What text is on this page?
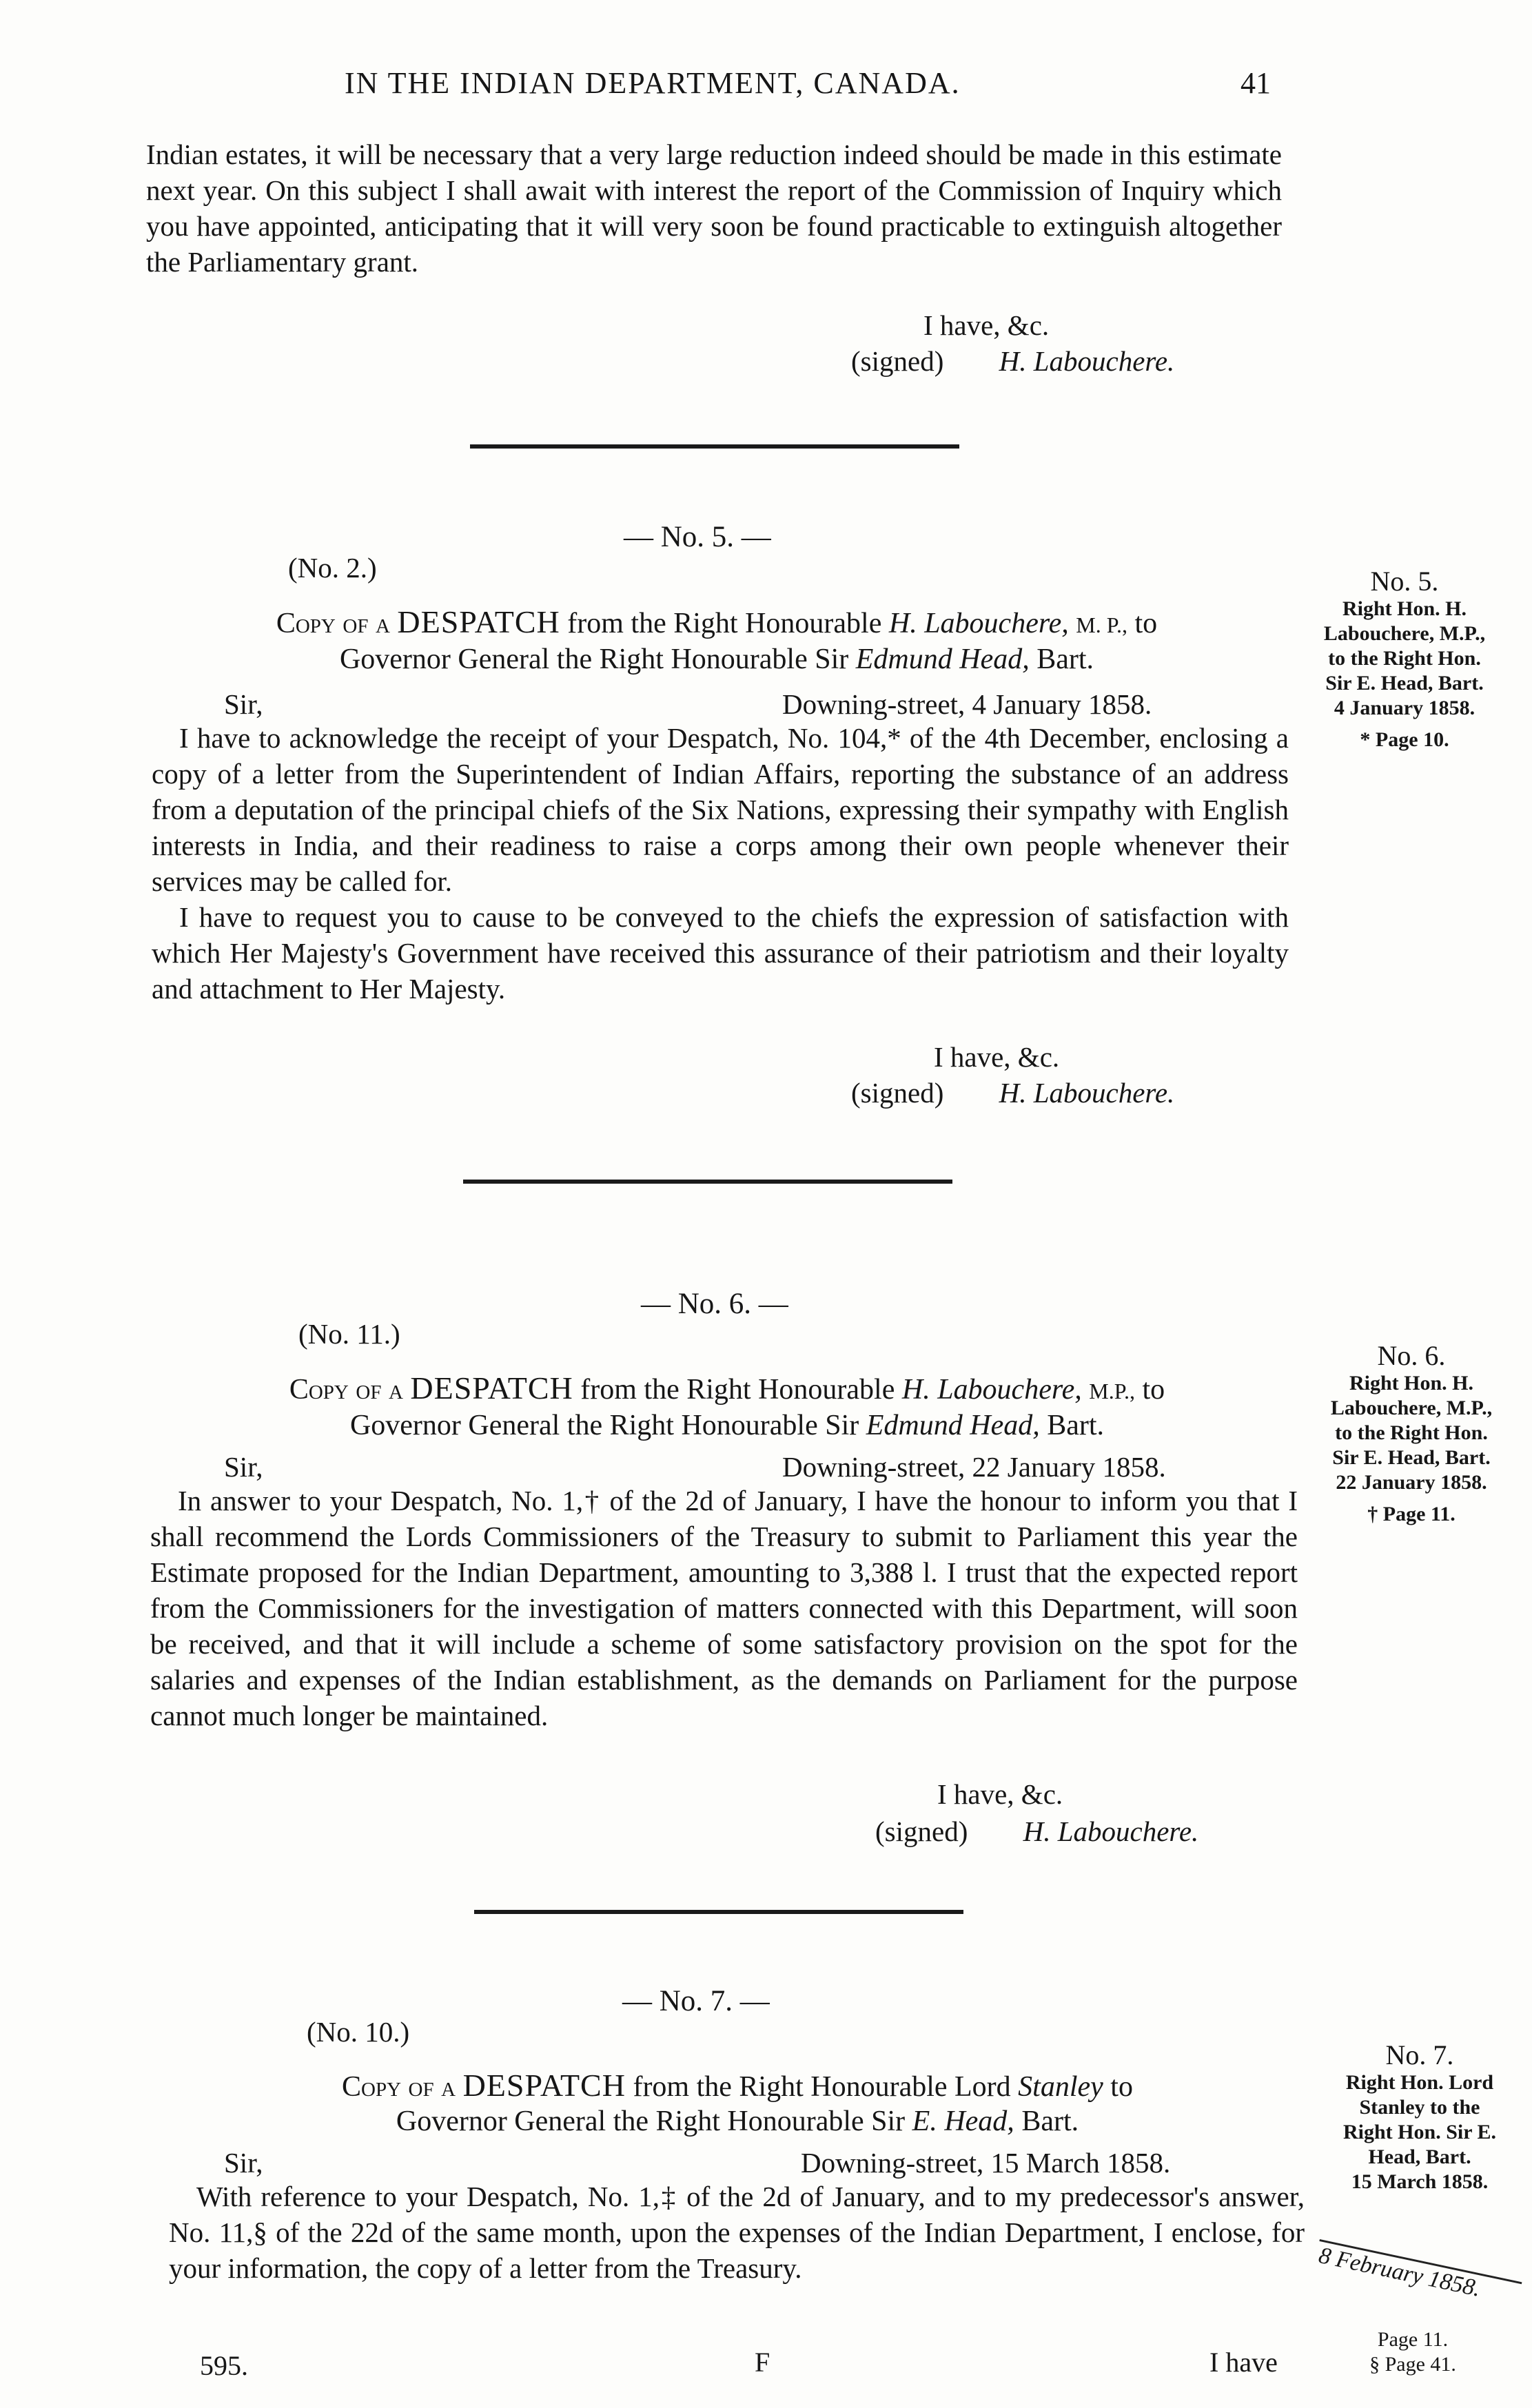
IN THE INDIAN DEPARTMENT, CANADA.	41

Indian estates, it will be necessary that a very large reduction indeed should be made in this estimate next year. On this subject I shall await with interest the report of the Commission of Inquiry which you have appointed, anticipating that it will very soon be found practicable to extinguish altogether the Parliamentary grant.

I have, &c.
(signed) H. Labouchere.
— No. 5. —
(No. 2.)
Copy of a DESPATCH from the Right Honourable H. Labouchere, M. P., to
Governor General the Right Honourable Sir Edmund Head, Bart.
Sir,	Downing-street, 4 January 1858.

I have to acknowledge the receipt of your Despatch, No. 104,* of the 4th December, enclosing a copy of a letter from the Superintendent of Indian Affairs, reporting the substance of an address from a deputation of the principal chiefs of the Six Nations, expressing their sympathy with English interests in India, and their readiness to raise a corps among their own people whenever their services may be called for.

I have to request you to cause to be conveyed to the chiefs the expression of satisfaction with which Her Majesty's Government have received this assurance of their patriotism and their loyalty and attachment to Her Majesty.

I have, &c.
(signed) H. Labouchere.
No. 5.
Right Hon. H.
Labouchere, M.P.,
to the Right Hon.
Sir E. Head, Bart.
4 January 1858.
* Page 10.
— No. 6. —
(No. 11.)
Copy of a DESPATCH from the Right Honourable H. Labouchere, M.P., to
Governor General the Right Honourable Sir Edmund Head, Bart.
Sir,	Downing-street, 22 January 1858.

In answer to your Despatch, No. 1,† of the 2d of January, I have the honour to inform you that I shall recommend the Lords Commissioners of the Treasury to submit to Parliament this year the Estimate proposed for the Indian Department, amounting to 3,388 l. I trust that the expected report from the Commissioners for the investigation of matters connected with this Department, will soon be received, and that it will include a scheme of some satisfactory provision on the spot for the salaries and expenses of the Indian establishment, as the demands on Parliament for the purpose cannot much longer be maintained.

I have, &c.
(signed) H. Labouchere.
No. 6.
Right Hon. H.
Labouchere, M.P.,
to the Right Hon.
Sir E. Head, Bart.
22 January 1858.
† Page 11.
— No. 7. —
(No. 10.)
Copy of a DESPATCH from the Right Honourable Lord Stanley to
Governor General the Right Honourable Sir E. Head, Bart.
Sir,	Downing-street, 15 March 1858.

With reference to your Despatch, No. 1,‡ of the 2d of January, and to my predecessor's answer, No. 11,§ of the 22d of the same month, upon the expenses of the Indian Department, I enclose, for your information, the copy of a letter from the Treasury.

No. 7.
Right Hon. Lord
Stanley to the
Right Hon. Sir E.
Head, Bart.
15 March 1858.
8 February 1858.
Page 11.
§ Page 41.
595.	F	I have
